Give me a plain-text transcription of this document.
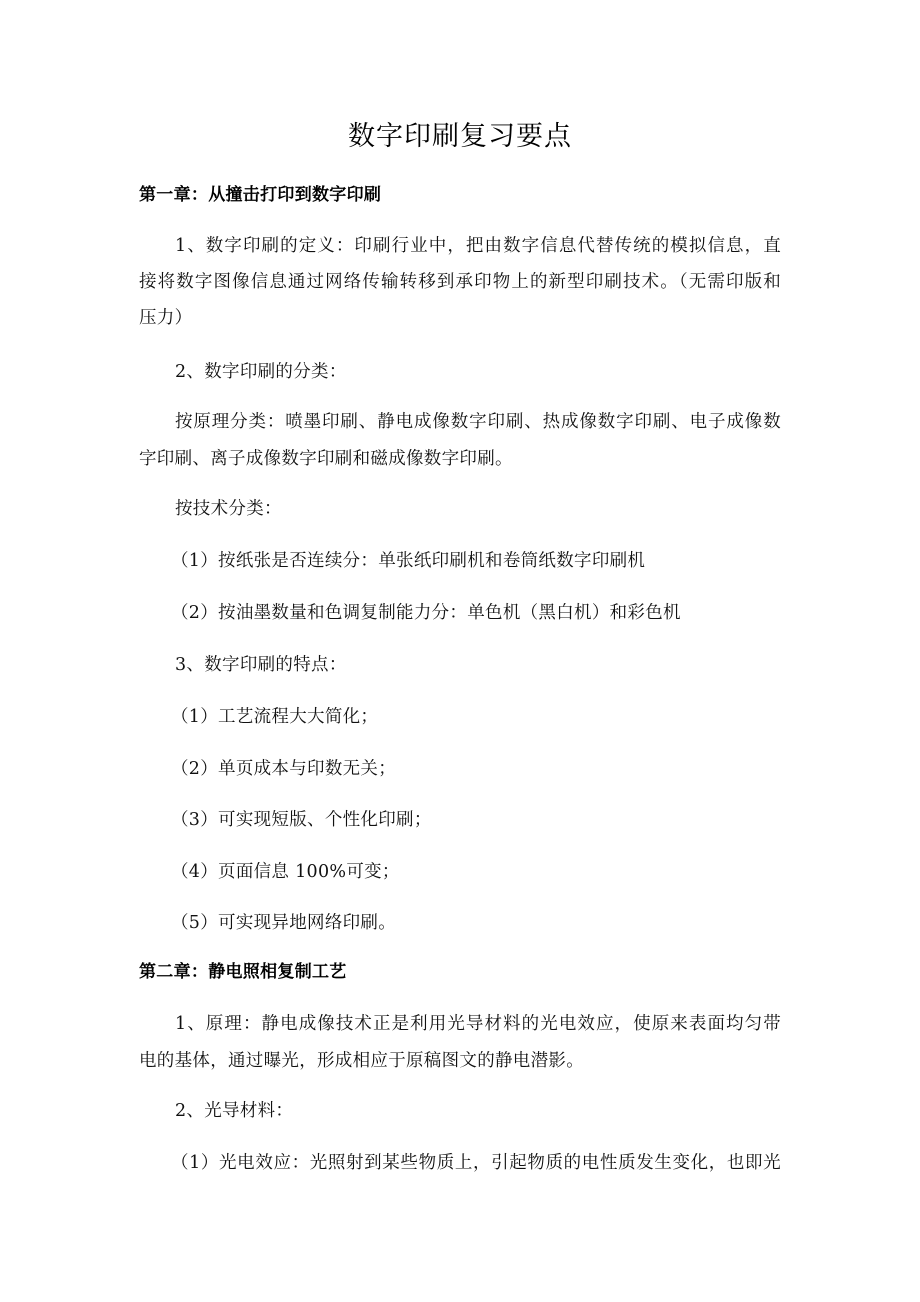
数字印刷复习要点
第一章：从撞击打印到数字印刷
1、数字印刷的定义：印刷行业中，把由数字信息代替传统的模拟信息，直
接将数字图像信息通过网络传输转移到承印物上的新型印刷技术。（无需印版和
压力）
2、数字印刷的分类：
按原理分类：喷墨印刷、静电成像数字印刷、热成像数字印刷、电子成像数
字印刷、离子成像数字印刷和磁成像数字印刷。
按技术分类：
（1）按纸张是否连续分：单张纸印刷机和卷筒纸数字印刷机
（2）按油墨数量和色调复制能力分：单色机（黑白机）和彩色机
3、数字印刷的特点：
（1）工艺流程大大简化；
（2）单页成本与印数无关；
（3）可实现短版、个性化印刷；
（4）页面信息 100%可变；
（5）可实现异地网络印刷。
第二章：静电照相复制工艺
1、原理：静电成像技术正是利用光导材料的光电效应，使原来表面均匀带
电的基体，通过曝光，形成相应于原稿图文的静电潜影。
2、光导材料：
（1）光电效应：光照射到某些物质上，引起物质的电性质发生变化，也即光
